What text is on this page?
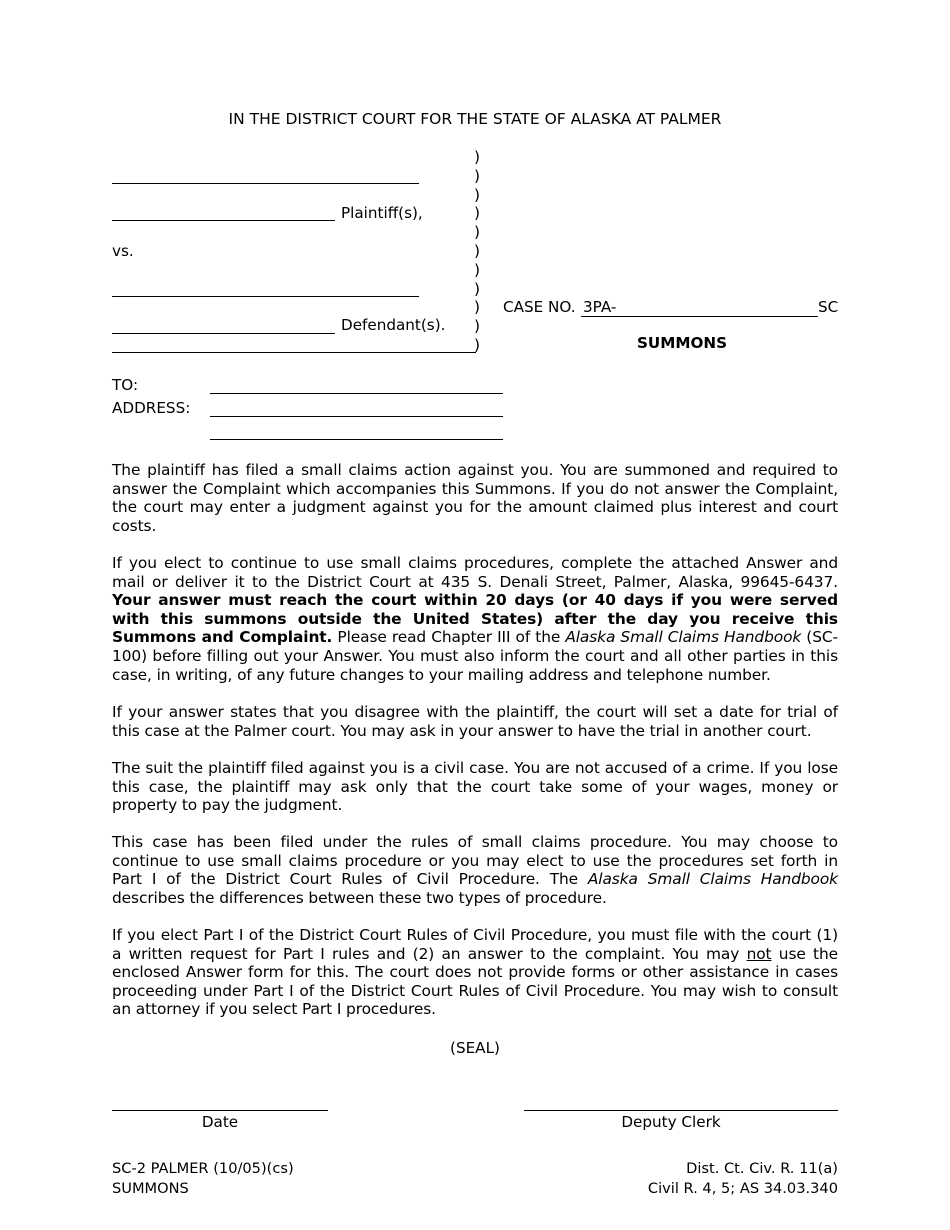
IN THE DISTRICT COURT FOR THE STATE OF ALASKA AT PALMER
Plaintiff(s),
vs.
Defendant(s).
)
)
)
)
)
)
)
)
)
)
)
CASE NO. 3PA-	SC
SUMMONS
TO:
ADDRESS:
The plaintiff has filed a small claims action against you. You are summoned and required to answer the Complaint which accompanies this Summons. If you do not answer the Complaint, the court may enter a judgment against you for the amount claimed plus interest and court costs.
If you elect to continue to use small claims procedures, complete the attached Answer and mail or deliver it to the District Court at 435 S. Denali Street, Palmer, Alaska, 99645-6437. Your answer must reach the court within 20 days (or 40 days if you were served with this summons outside the United States) after the day you receive this Summons and Complaint. Please read Chapter III of the Alaska Small Claims Handbook (SC-100) before filling out your Answer. You must also inform the court and all other parties in this case, in writing, of any future changes to your mailing address and telephone number.
If your answer states that you disagree with the plaintiff, the court will set a date for trial of this case at the Palmer court. You may ask in your answer to have the trial in another court.
The suit the plaintiff filed against you is a civil case. You are not accused of a crime. If you lose this case, the plaintiff may ask only that the court take some of your wages, money or property to pay the judgment.
This case has been filed under the rules of small claims procedure. You may choose to continue to use small claims procedure or you may elect to use the procedures set forth in Part I of the District Court Rules of Civil Procedure. The Alaska Small Claims Handbook describes the differences between these two types of procedure.
If you elect Part I of the District Court Rules of Civil Procedure, you must file with the court (1) a written request for Part I rules and (2) an answer to the complaint. You may not use the enclosed Answer form for this. The court does not provide forms or other assistance in cases proceeding under Part I of the District Court Rules of Civil Procedure. You may wish to consult an attorney if you select Part I procedures.
(SEAL)
Date	Deputy Clerk
SC-2 PALMER (10/05)(cs)
SUMMONS
Dist. Ct. Civ. R. 11(a)
Civil R. 4, 5; AS 34.03.340
